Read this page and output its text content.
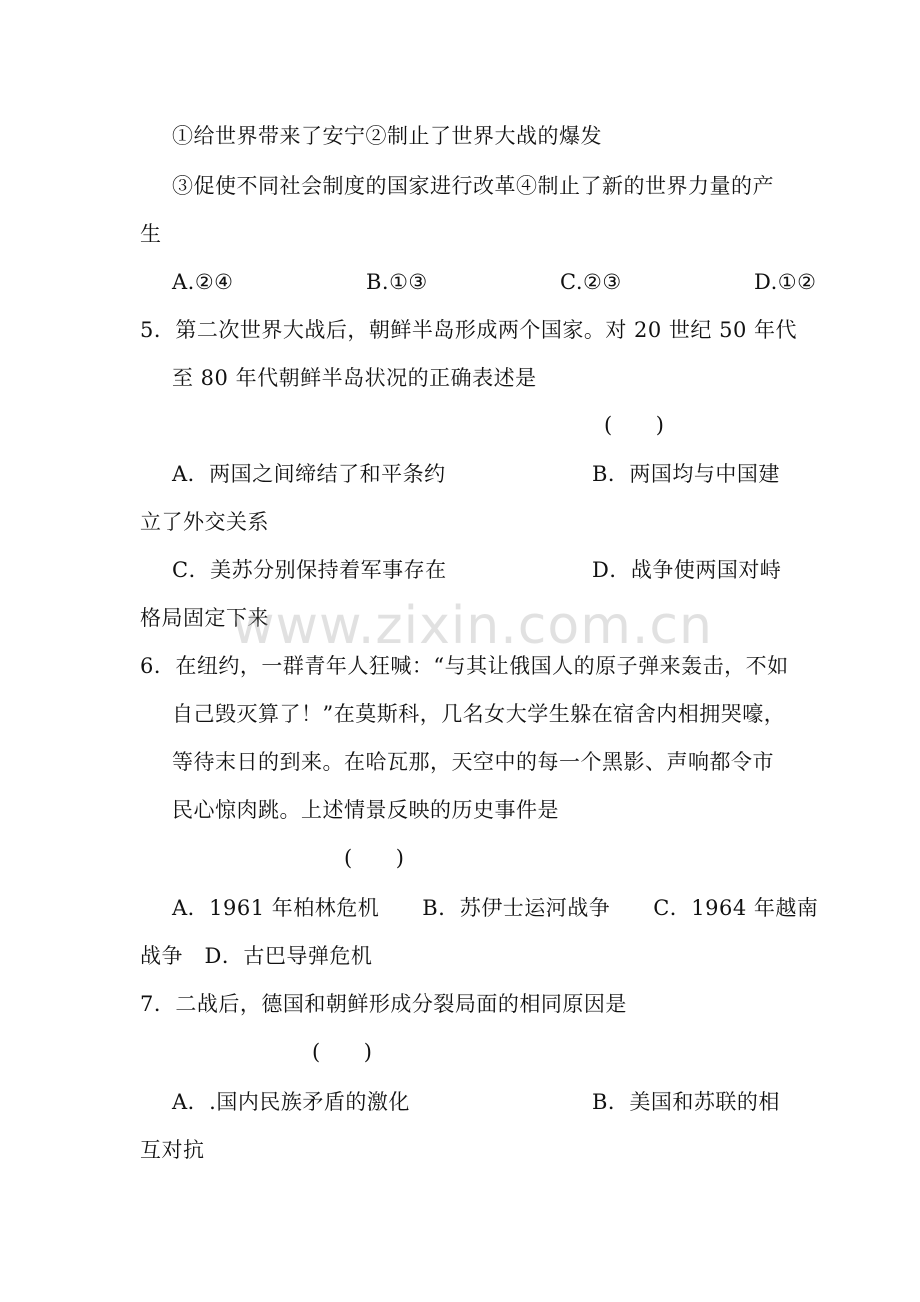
①给世界带来了安宁②制止了世界大战的爆发
③促使不同社会制度的国家进行改革④制止了新的世界力量的产
生
A.②④	B.①③	C.②③	D.①②
5．第二次世界大战后，朝鲜半岛形成两个国家。对 20 世纪 50 年代
至 80 年代朝鲜半岛状况的正确表述是
(　　)
A．两国之间缔结了和平条约	B．两国均与中国建
立了外交关系
C．美苏分别保持着军事存在	D．战争使两国对峙
格局固定下来
6．在纽约，一群青年人狂喊：“与其让俄国人的原子弹来轰击，不如
自己毁灭算了！”在莫斯科，几名女大学生躲在宿舍内相拥哭嚎，
等待末日的到来。在哈瓦那，天空中的每一个黑影、声响都令市
民心惊肉跳。上述情景反映的历史事件是
(　　)
A．1961 年柏林危机　　B．苏伊士运河战争　　C．1964 年越南
战争　D．古巴导弹危机
7．二战后，德国和朝鲜形成分裂局面的相同原因是
(　　)
A．.国内民族矛盾的激化	B．美国和苏联的相
互对抗
www.zixin.com.cn
